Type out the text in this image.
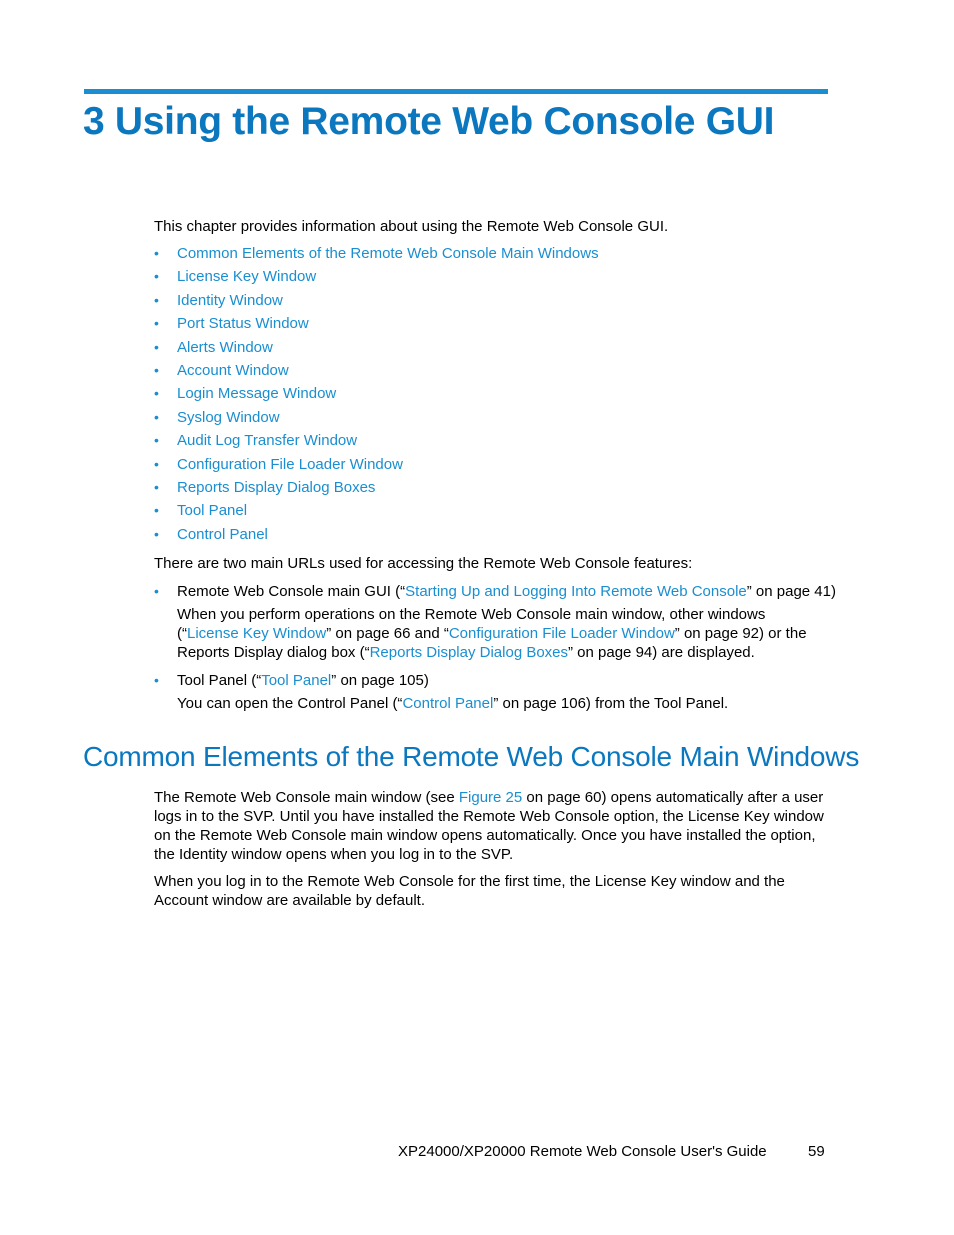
3 Using the Remote Web Console GUI

This chapter provides information about using the Remote Web Console GUI.

• Common Elements of the Remote Web Console Main Windows
• License Key Window
• Identity Window
• Port Status Window
• Alerts Window
• Account Window
• Login Message Window
• Syslog Window
• Audit Log Transfer Window
• Configuration File Loader Window
• Reports Display Dialog Boxes
• Tool Panel
• Control Panel

There are two main URLs used for accessing the Remote Web Console features:

•	Remote Web Console main GUI (“Starting Up and Logging Into Remote Web Console” on page 41)
When you perform operations on the Remote Web Console main window, other windows (“License Key Window” on page 66 and “Configuration File Loader Window” on page 92) or the Reports Display dialog box (“Reports Display Dialog Boxes” on page 94) are displayed.
•	Tool Panel (“Tool Panel” on page 105)
You can open the Control Panel (“Control Panel” on page 106) from the Tool Panel.
Common Elements of the Remote Web Console Main Windows

The Remote Web Console main window (see Figure 25 on page 60) opens automatically after a user logs in to the SVP. Until you have installed the Remote Web Console option, the License Key window on the Remote Web Console main window opens automatically. Once you have installed the option, the Identity window opens when you log in to the SVP.

When you log in to the Remote Web Console for the first time, the License Key window and the Account window are available by default.

XP24000/XP20000 Remote Web Console User's Guide	59
